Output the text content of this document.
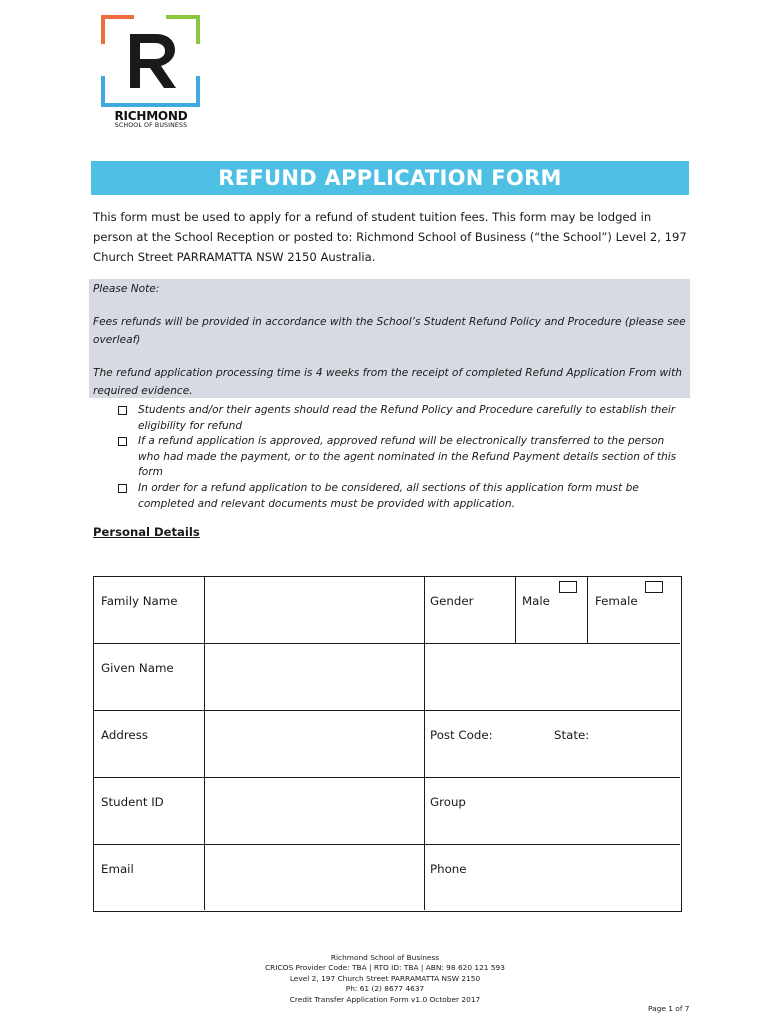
RICHMOND
SCHOOL OF BUSINESS
REFUND APPLICATION FORM
This form must be used to apply for a refund of student tuition fees. This form may be lodged in person at the School Reception or posted to: Richmond School of Business (“the School”) Level 2, 197 Church Street PARRAMATTA NSW 2150 Australia.

Please Note:

Fees refunds will be provided in accordance with the School’s Student Refund Policy and Procedure (please see overleaf)

The refund application processing time is 4 weeks from the receipt of completed Refund Application From with required evidence.

Students and/or their agents should read the Refund Policy and Procedure carefully to establish their eligibility for refund
If a refund application is approved, approved refund will be electronically transferred to the person who had made the payment, or to the agent nominated in the Refund Payment details section of this form
In order for a refund application to be considered, all sections of this application form must be completed and relevant documents must be provided with application.
Personal Details
Family Name	Gender	Male	Female
Given Name
Address	Post Code:	State:
Student ID	Group
Email	Phone
Richmond School of Business
CRICOS Provider Code: TBA | RTO ID: TBA | ABN: 98 620 121 593
Level 2, 197 Church Street PARRAMATTA NSW 2150
Ph: 61 (2) 8677 4637
Credit Transfer Application Form v1.0 October 2017
Page 1 of 7
